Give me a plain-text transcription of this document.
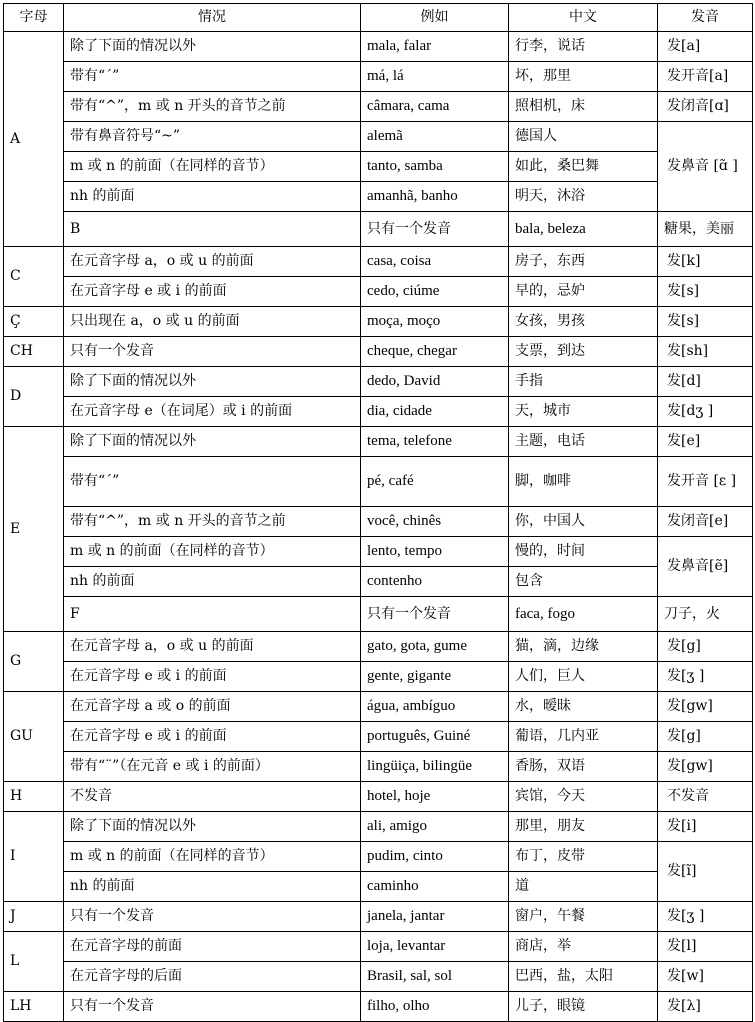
字母	情况	例如	中文	发音	
A	除了下面的情况以外	mala, falar	行李，说话	发[a]	
	带有“´”	má, lá	坏，那里	发开音[a]	
	带有“^”，m 或 n 开头的音节之前	câmara, cama	照相机，床	发闭音[ɑ]	
	带有鼻音符号“~”	alemã	德国人	发鼻音 [ɑ̃ ]	
	m 或 n 的前面（在同样的音节）	tanto, samba	如此，桑巴舞		
	nh 的前面	amanhã, banho	明天，沐浴		
	B	只有一个发音	bala, beleza	糖果，美丽	
C	在元音字母 a，o 或 u 的前面	casa, coisa	房子，东西	发[k]	
	在元音字母 e 或 i 的前面	cedo, ciúme	早的，忌妒	发[s]	
Ç	只出现在 a，o 或 u 的前面	moça, moço	女孩，男孩	发[s]	
CH	只有一个发音	cheque, chegar	支票，到达	发[sh]	
D	除了下面的情况以外	dedo, David	手指	发[d]	
	在元音字母 e（在词尾）或 i 的前面	dia, cidade	天，城市	发[dʒ ]	
E	除了下面的情况以外	tema, telefone	主题，电话	发[e]	
	带有“´”	pé, café	脚，咖啡	发开音 [ε ]	
	带有“^”，m 或 n 开头的音节之前	você, chinês	你，中国人	发闭音[e]	
	m 或 n 的前面（在同样的音节）	lento, tempo	慢的，时间	发鼻音[ẽ]	
	nh 的前面	contenho	包含		
	F	只有一个发音	faca, fogo	刀子，火	
G	在元音字母 a，o 或 u 的前面	gato, gota, gume	猫，滴，边缘	发[g]	
	在元音字母 e 或 i 的前面	gente, gigante	人们，巨人	发[ʒ ]	
GU	在元音字母 a 或 o 的前面	água, ambíguo	水，暧昧	发[gw]	
	在元音字母 e 或 i 的前面	português, Guiné	葡语，几内亚	发[g]	
	带有“¨”（在元音 e 或 i 的前面）	lingüiça, bilingüe	香肠，双语	发[gw]	
H	不发音	hotel, hoje	宾馆，今天	不发音	
I	除了下面的情况以外	ali, amigo	那里，朋友	发[i]	
	m 或 n 的前面（在同样的音节）	pudim, cinto	布丁，皮带	发[ĩ]	
	nh 的前面	caminho	道		
J	只有一个发音	janela, jantar	窗户，午餐	发[ʒ ]	
L	在元音字母的前面	loja, levantar	商店，举	发[l]	
	在元音字母的后面	Brasil, sal, sol	巴西，盐，太阳	发[w]	
LH	只有一个发音	filho, olho	儿子，眼镜	发[λ]	
